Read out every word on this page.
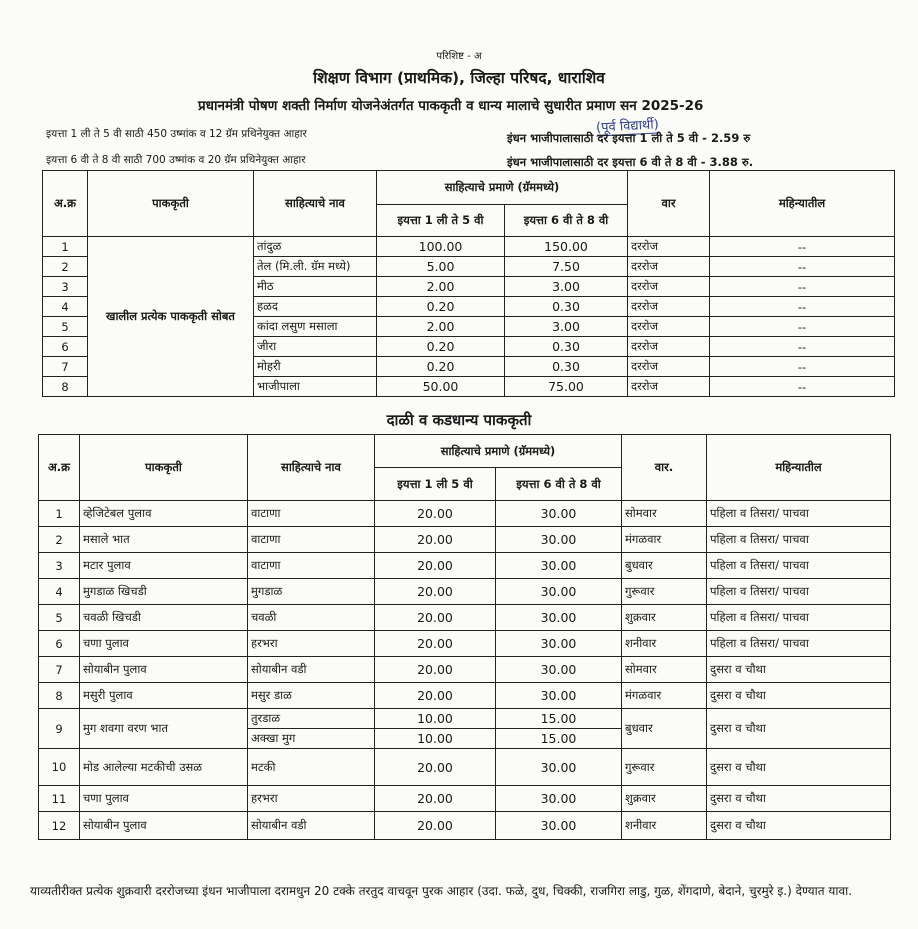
परिशिष्ट - अ
शिक्षण विभाग (प्राथमिक), जिल्हा परिषद, धाराशिव
प्रधानमंत्री पोषण शक्ती निर्माण योजनेअंतर्गत पाककृती व धान्य मालाचे सुधारीत प्रमाण सन 2025-26
(पूर्व विद्यार्थी)
इयत्ता 1 ली ते 5 वी साठी 450 उष्मांक व 12 ग्रॅम प्रथिनेयुक्त आहार
इयत्ता 6 वी ते 8 वी साठी 700 उष्मांक व 20 ग्रॅम प्रथिनेयुक्त आहार
इंधन भाजीपालासाठी दर इयत्ता 1 ली ते 5 वी - 2.59 रु
इंधन भाजीपालासाठी दर इयत्ता 6 वी ते 8 वी - 3.88 रु.
अ.क्र	पाककृती	साहित्याचे नाव	साहित्याचे प्रमाणे (ग्रॅममध्ये)		वार	महिन्यातील
			इयत्ता 1 ली ते 5 वी	इयत्ता 6 वी ते 8 वी		
1	खालील प्रत्येक पाककृती सोबत	तांदुळ	100.00	150.00	दररोज	--
2		तेल (मि.ली. ग्रॅम मध्ये)	5.00	7.50	दररोज	--
3		मीठ	2.00	3.00	दररोज	--
4		हळद	0.20	0.30	दररोज	--
5		कांदा लसुण मसाला	2.00	3.00	दररोज	--
6		जीरा	0.20	0.30	दररोज	--
7		मोहरी	0.20	0.30	दररोज	--
8		भाजीपाला	50.00	75.00	दररोज	--
दाळी व कडधान्य पाककृती
अ.क्र	पाककृती	साहित्याचे नाव	साहित्याचे प्रमाणे (ग्रॅममध्ये)		वार.	महिन्यातील
			इयत्ता 1 ली 5 वी	इयत्ता 6 वी ते 8 वी		
1	व्हेजिटेबल पुलाव	वाटाणा	20.00	30.00	सोमवार	पहिला व तिसरा/ पाचवा
2	मसाले भात	वाटाणा	20.00	30.00	मंगळवार	पहिला व तिसरा/ पाचवा
3	मटार पुलाव	वाटाणा	20.00	30.00	बुधवार	पहिला व तिसरा/ पाचवा
4	मुगडाळ खिचडी	मुगडाळ	20.00	30.00	गुरूवार	पहिला व तिसरा/ पाचवा
5	चवळी खिचडी	चवळी	20.00	30.00	शुक्रवार	पहिला व तिसरा/ पाचवा
6	चणा पुलाव	हरभरा	20.00	30.00	शनीवार	पहिला व तिसरा/ पाचवा
7	सोयाबीन पुलाव	सोयाबीन वडी	20.00	30.00	सोमवार	दुसरा व चौथा
8	मसुरी पुलाव	मसुर डाळ	20.00	30.00	मंगळवार	दुसरा व चौथा
9	मुग शवगा वरण भात	तुरडाळ	10.00	15.00	बुधवार	दुसरा व चौथा
		अक्खा मुग	10.00	15.00		
10	मोड आलेल्या मटकीची उसळ	मटकी	20.00	30.00	गुरूवार	दुसरा व चौथा
11	चणा पुलाव	हरभरा	20.00	30.00	शुक्रवार	दुसरा व चौथा
12	सोयाबीन पुलाव	सोयाबीन वडी	20.00	30.00	शनीवार	दुसरा व चौथा
याव्यतीरीक्त प्रत्येक शुक्रवारी दररोजच्या इंधन भाजीपाला दरामधुन 20 टक्के तरतुद वाचवून पुरक आहार (उदा. फळे, दुध, चिक्की, राजगिरा लाडु, गुळ, शेंगदाणे, बेदाने, चुरमुरे इ.) देण्यात यावा.
